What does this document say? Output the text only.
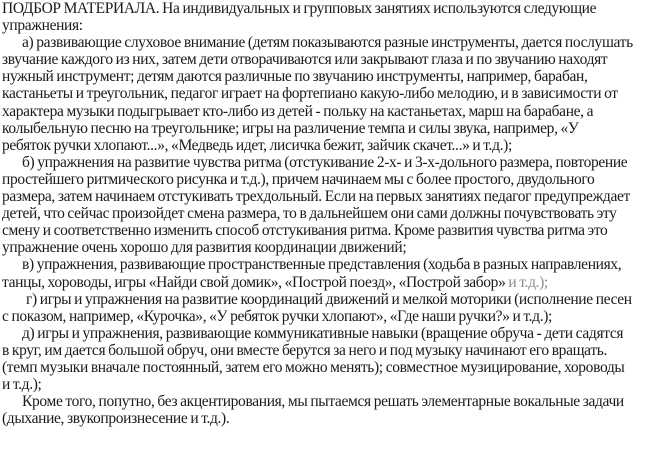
ПОДБОР МАТЕРИАЛА. На индивидуальных и групповых занятиях используются следующие
упражнения:
а) развивающие слуховое внимание (детям показываются разные инструменты, дается послушать
звучание каждого из них, затем дети отворачиваются или закрывают глаза и по звучанию находят
нужный инструмент; детям даются различные по звучанию инструменты, например, барабан,
кастаньеты и треугольник, педагог играет на фортепиано какую-либо мелодию, и в зависимости от
характера музыки подыгрывает кто-либо из детей - польку на кастаньетах, марш на барабане, а
колыбельную песню на треугольнике; игры на различение темпа и силы звука, например, «У
ребяток ручки хлопают...», «Медведь идет, лисичка бежит, зайчик скачет...» и т.д.);
б) упражнения на развитие чувства ритма (отстукивание 2-х- и 3-х-дольного размера, повторение
простейшего ритмического рисунка и т.д.), причем начинаем мы с более простого, двудольного
размера, затем начинаем отстукивать трехдольный. Если на первых занятиях педагог предупреждает
детей, что сейчас произойдет смена размера, то в дальнейшем они сами должны почувствовать эту
смену и соответственно изменить способ отстукивания ритма. Кроме развития чувства ритма это
упражнение очень хорошо для развития координации движений;
в) упражнения, развивающие пространственные представления (ходьба в разных направлениях,
танцы, хороводы, игры «Найди свой домик», «Построй поезд», «Построй забор» и т.д.);
г) игры и упражнения на развитие координаций движений и мелкой моторики (исполнение песен
с показом, например, «Курочка», «У ребяток ручки хлопают», «Где наши ручки?» и т.д.);
д) игры и упражнения, развивающие коммуникативные навыки (вращение обруча - дети садятся
в круг, им дается большой обруч, они вместе берутся за него и под музыку начинают его вращать.
(темп музыки вначале постоянный, затем его можно менять); совместное музицирование, хороводы
и т.д.);
Кроме того, попутно, без акцентирования, мы пытаемся решать элементарные вокальные задачи
(дыхание, звукопроизнесение и т.д.).
